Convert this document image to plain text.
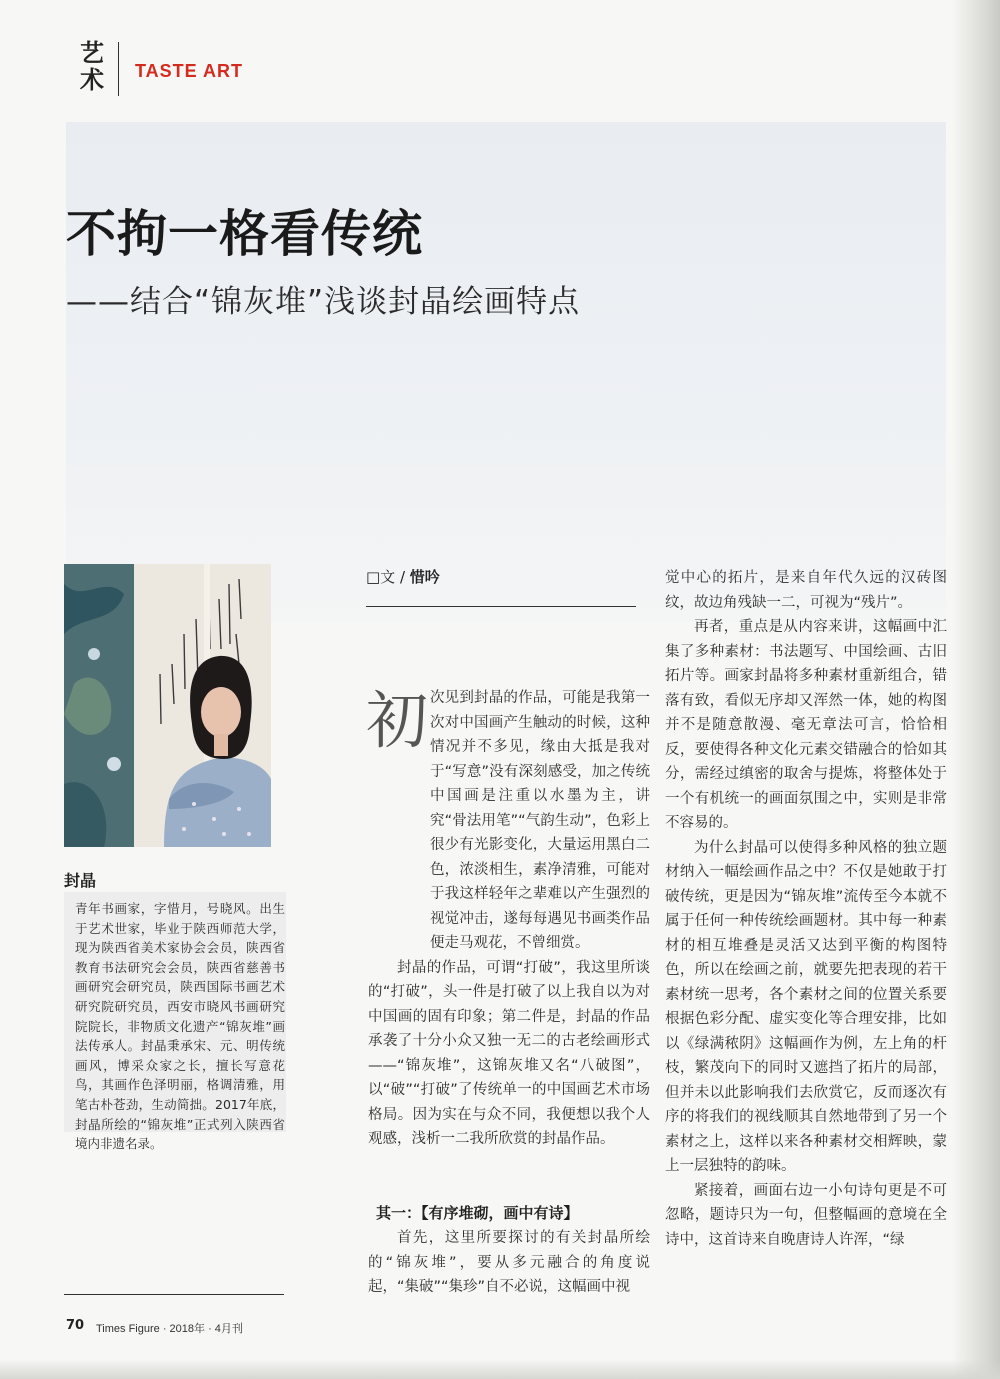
艺术 TASTE ART
不拘一格看传统
——结合“锦灰堆”浅谈封晶绘画特点
封晶
青年书画家，字惜月，号晓风。出生于艺术世家，毕业于陕西师范大学，现为陕西省美术家协会会员，陕西省教育书法研究会会员，陕西省慈善书画研究会研究员，陕西国际书画艺术研究院研究员，西安市晓风书画研究院院长，非物质文化遗产“锦灰堆”画法传承人。封晶秉承宋、元、明传统画风，博采众家之长，擅长写意花鸟，其画作色泽明丽，格调清雅，用笔古朴苍劲，生动简拙。2017年底，封晶所绘的“锦灰堆”正式列入陕西省境内非遗名录。
□文 / 惜吟
初 次见到封晶的作品，可能是我第一次对中国画产生触动的时候，这种情况并不多见，缘由大抵是我对于“写意”没有深刻感受，加之传统中国画是注重以水墨为主，讲究“骨法用笔”“气韵生动”，色彩上很少有光影变化，大量运用黑白二色，浓淡相生，素净清雅，可能对于我这样轻年之辈难以产生强烈的视觉冲击，遂每每遇见书画类作品便走马观花，不曾细赏。

封晶的作品，可谓“打破”，我这里所谈的“打破”，头一件是打破了以上我自以为对中国画的固有印象；第二件是，封晶的作品承袭了十分小众又独一无二的古老绘画形式——“锦灰堆”，这锦灰堆又名“八破图”，以“破”“打破”了传统单一的中国画艺术市场格局。因为实在与众不同，我便想以我个人观感，浅析一二我所欣赏的封晶作品。

其一：【有序堆砌，画中有诗】

首先，这里所要探讨的有关封晶所绘的“锦灰堆”，要从多元融合的角度说起，“集破”“集珍”自不必说，这幅画中视

觉中心的拓片，是来自年代久远的汉砖图纹，故边角残缺一二，可视为“残片”。

再者，重点是从内容来讲，这幅画中汇集了多种素材：书法题写、中国绘画、古旧拓片等。画家封晶将多种素材重新组合，错落有致，看似无序却又浑然一体，她的构图并不是随意散漫、毫无章法可言，恰恰相反，要使得各种文化元素交错融合的恰如其分，需经过缜密的取舍与提炼，将整体处于一个有机统一的画面氛围之中，实则是非常不容易的。

为什么封晶可以使得多种风格的独立题材纳入一幅绘画作品之中？不仅是她敢于打破传统，更是因为“锦灰堆”流传至今本就不属于任何一种传统绘画题材。其中每一种素材的相互堆叠是灵活又达到平衡的构图特色，所以在绘画之前，就要先把表现的若干素材统一思考，各个素材之间的位置关系要根据色彩分配、虚实变化等合理安排，比如以《绿满秾阴》这幅画作为例，左上角的杆枝，繁茂向下的同时又遮挡了拓片的局部，但并未以此影响我们去欣赏它，反而逐次有序的将我们的视线顺其自然地带到了另一个素材之上，这样以来各种素材交相辉映，蒙上一层独特的韵味。

紧接着，画面右边一小句诗句更是不可忽略，题诗只为一句，但整幅画的意境在全诗中，这首诗来自晚唐诗人许浑，“绿

70 Times Figure · 2018年 · 4月刊
